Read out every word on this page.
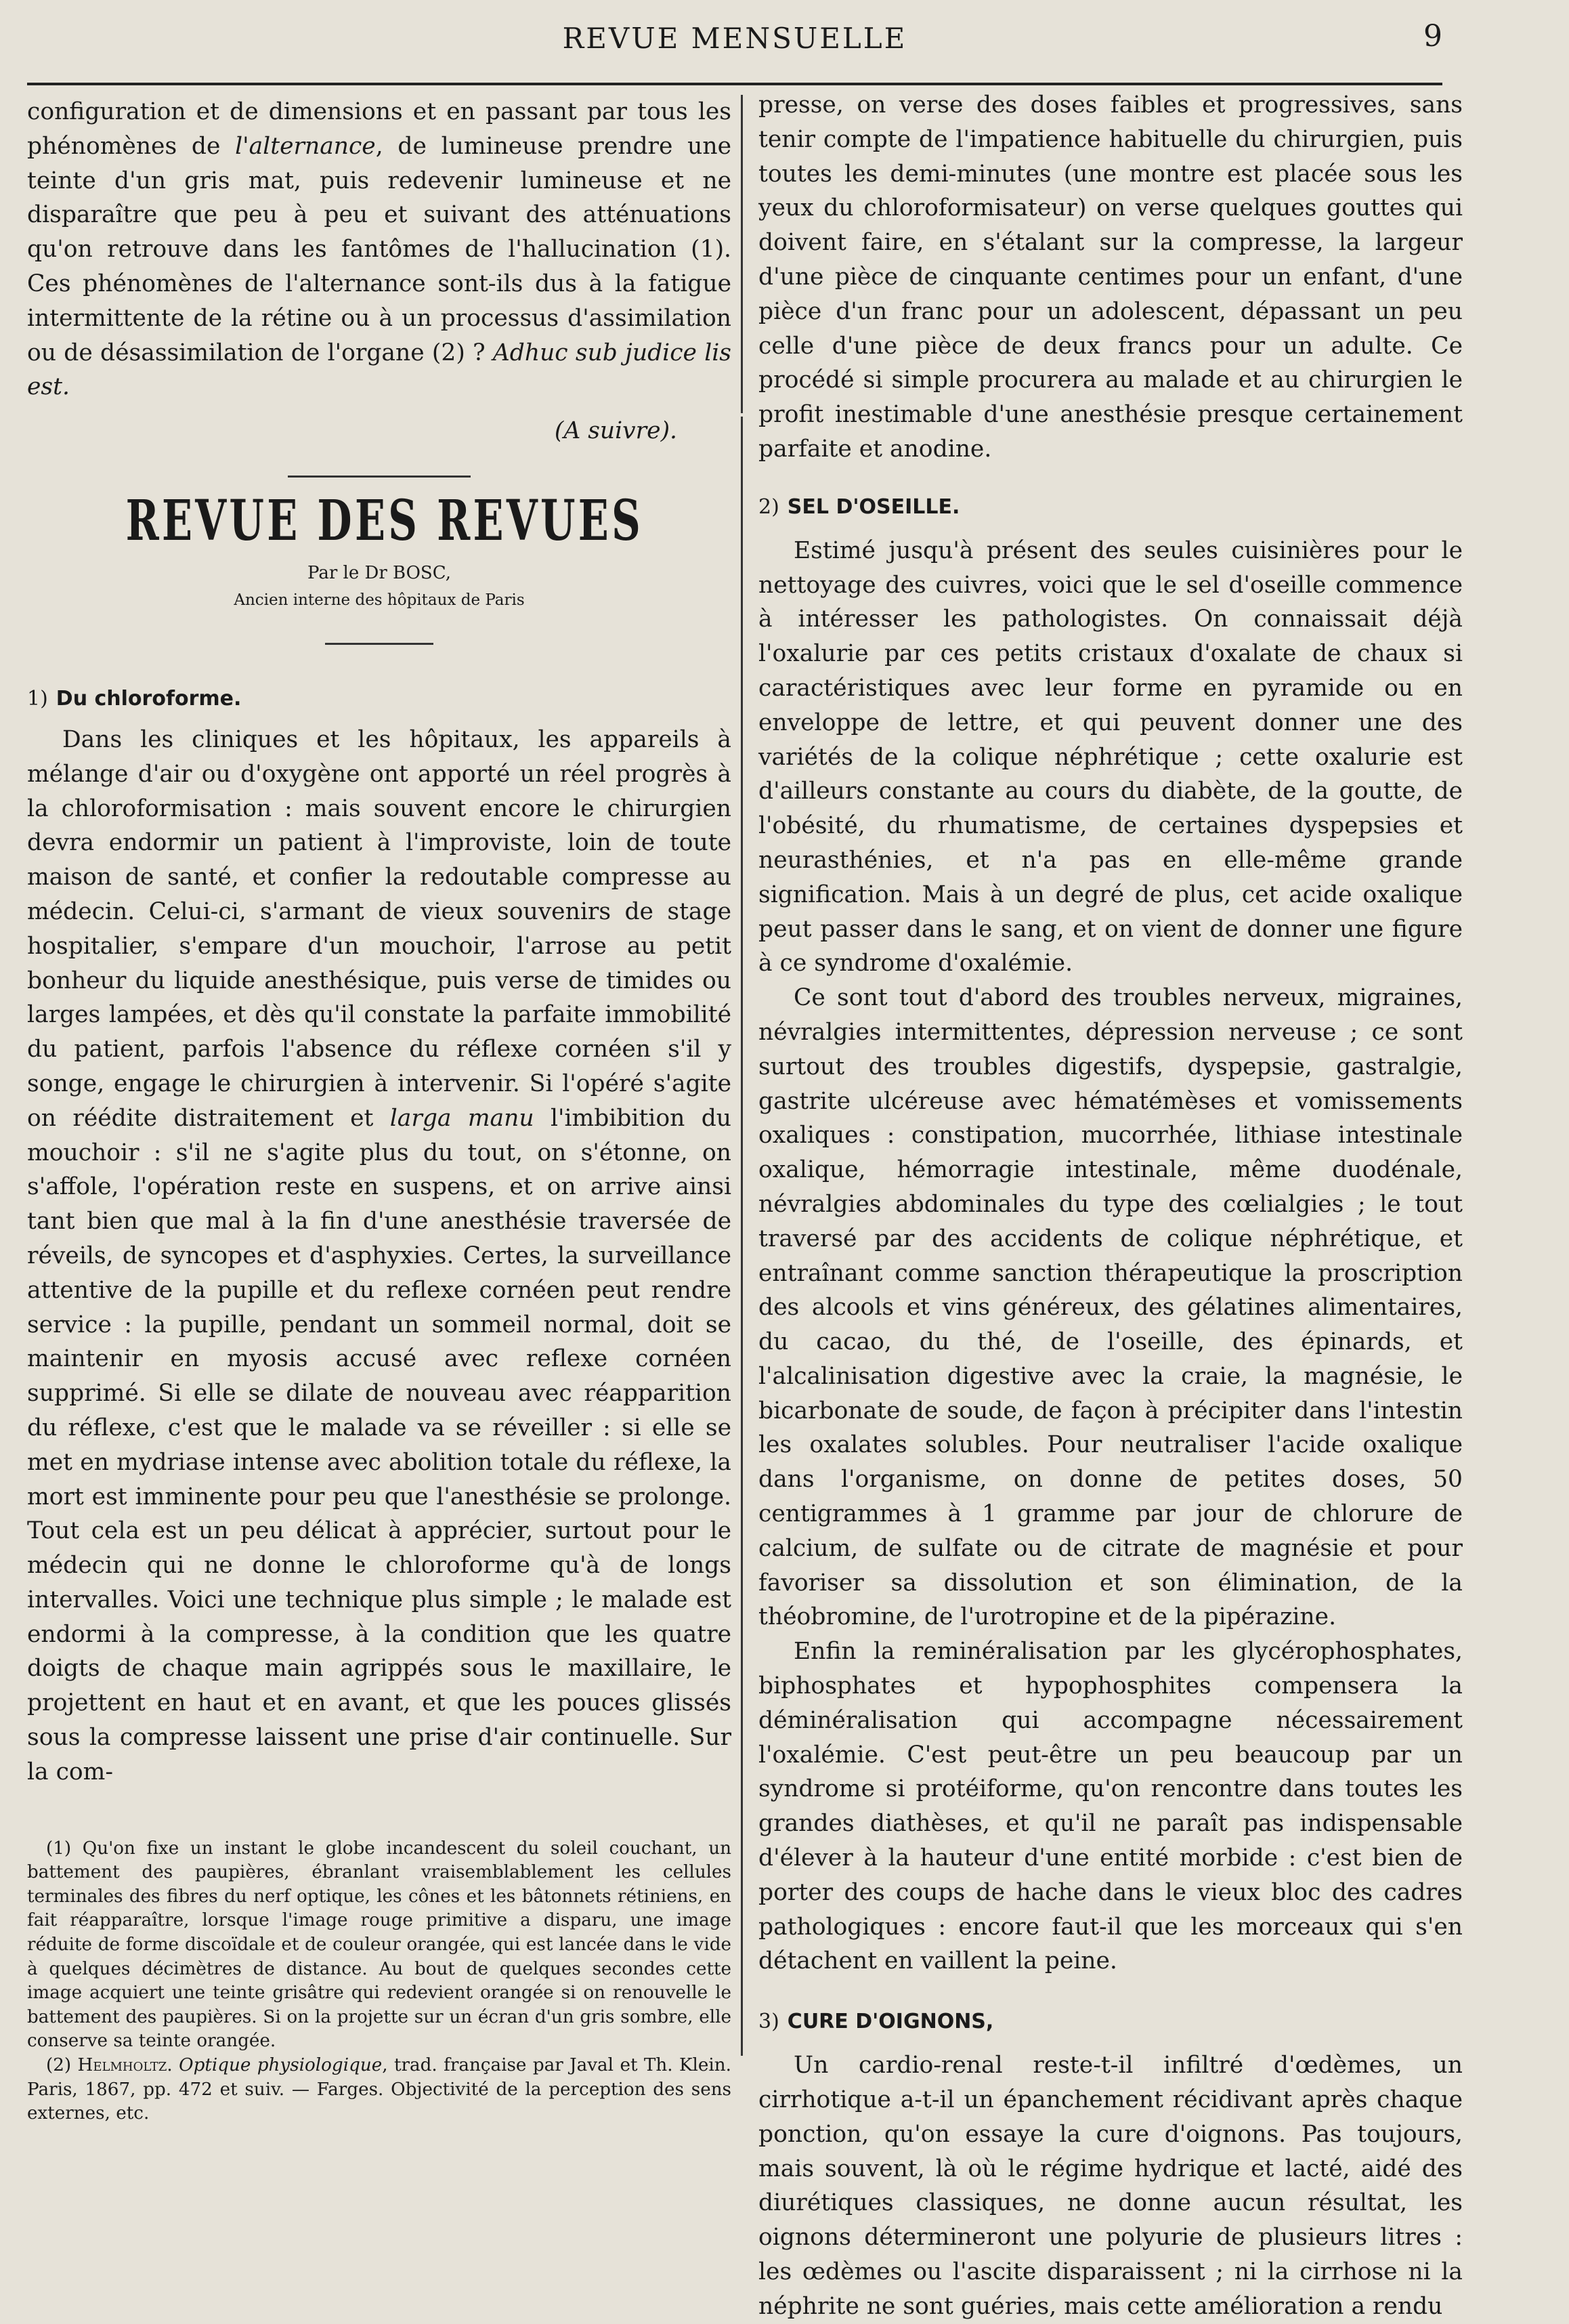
REVUE MENSUELLE	9

configuration et de dimensions et en passant par tous les phénomènes de l'alternance, de lumineuse prendre une teinte d'un gris mat, puis redevenir lumineuse et ne disparaître que peu à peu et suivant des atténuations qu'on retrouve dans les fantômes de l'hallucination (1). Ces phénomènes de l'alternance sont-ils dus à la fatigue intermittente de la rétine ou à un processus d'assimilation ou de désassimilation de l'organe (2) ? Adhuc sub judice lis est.

(A suivre).

REVUE DES REVUES
Par le Dr BOSC,
Ancien interne des hôpitaux de Paris

1) Du chloroforme.

Dans les cliniques et les hôpitaux, les appareils à mélange d'air ou d'oxygène ont apporté un réel progrès à la chloroformisation : mais souvent encore le chirurgien devra endormir un patient à l'improviste, loin de toute maison de santé, et confier la redoutable compresse au médecin. Celui-ci, s'armant de vieux souvenirs de stage hospitalier, s'empare d'un mouchoir, l'arrose au petit bonheur du liquide anesthésique, puis verse de timides ou larges lampées, et dès qu'il constate la parfaite immobilité du patient, parfois l'absence du réflexe cornéen s'il y songe, engage le chirurgien à intervenir. Si l'opéré s'agite on réédite distraitement et larga manu l'imbibition du mouchoir : s'il ne s'agite plus du tout, on s'étonne, on s'affole, l'opération reste en suspens, et on arrive ainsi tant bien que mal à la fin d'une anesthésie traversée de réveils, de syncopes et d'asphyxies. Certes, la surveillance attentive de la pupille et du reflexe cornéen peut rendre service : la pupille, pendant un sommeil normal, doit se maintenir en myosis accusé avec reflexe cornéen supprimé. Si elle se dilate de nouveau avec réapparition du réflexe, c'est que le malade va se réveiller : si elle se met en mydriase intense avec abolition totale du réflexe, la mort est imminente pour peu que l'anesthésie se prolonge. Tout cela est un peu délicat à apprécier, surtout pour le médecin qui ne donne le chloroforme qu'à de longs intervalles. Voici une technique plus simple ; le malade est endormi à la compresse, à la condition que les quatre doigts de chaque main agrippés sous le maxillaire, le projettent en haut et en avant, et que les pouces glissés sous la compresse laissent une prise d'air continuelle. Sur la com-

(1) Qu'on fixe un instant le globe incandescent du soleil couchant, un battement des paupières, ébranlant vraisemblablement les cellules terminales des fibres du nerf optique, les cônes et les bâtonnets rétiniens, en fait réapparaître, lorsque l'image rouge primitive a disparu, une image réduite de forme discoïdale et de couleur orangée, qui est lancée dans le vide à quelques décimètres de distance. Au bout de quelques secondes cette image acquiert une teinte grisâtre qui redevient orangée si on renouvelle le battement des paupières. Si on la projette sur un écran d'un gris sombre, elle conserve sa teinte orangée.

(2) Helmholtz. Optique physiologique, trad. française par Javal et Th. Klein. Paris, 1867, pp. 472 et suiv. — Farges. Objectivité de la perception des sens externes, etc.

presse, on verse des doses faibles et progressives, sans tenir compte de l'impatience habituelle du chirurgien, puis toutes les demi-minutes (une montre est placée sous les yeux du chloroformisateur) on verse quelques gouttes qui doivent faire, en s'étalant sur la compresse, la largeur d'une pièce de cinquante centimes pour un enfant, d'une pièce d'un franc pour un adolescent, dépassant un peu celle d'une pièce de deux francs pour un adulte. Ce procédé si simple procurera au malade et au chirurgien le profit inestimable d'une anesthésie presque certainement parfaite et anodine.

2) SEL D'OSEILLE.

Estimé jusqu'à présent des seules cuisinières pour le nettoyage des cuivres, voici que le sel d'oseille commence à intéresser les pathologistes. On connaissait déjà l'oxalurie par ces petits cristaux d'oxalate de chaux si caractéristiques avec leur forme en pyramide ou en enveloppe de lettre, et qui peuvent donner une des variétés de la colique néphrétique ; cette oxalurie est d'ailleurs constante au cours du diabète, de la goutte, de l'obésité, du rhumatisme, de certaines dyspepsies et neurasthénies, et n'a pas en elle-même grande signification. Mais à un degré de plus, cet acide oxalique peut passer dans le sang, et on vient de donner une figure à ce syndrome d'oxalémie.

Ce sont tout d'abord des troubles nerveux, migraines, névralgies intermittentes, dépression nerveuse ; ce sont surtout des troubles digestifs, dyspepsie, gastralgie, gastrite ulcéreuse avec hématémèses et vomissements oxaliques : constipation, mucorrhée, lithiase intestinale oxalique, hémorragie intestinale, même duodénale, névralgies abdominales du type des cœlialgies ; le tout traversé par des accidents de colique néphrétique, et entraînant comme sanction thérapeutique la proscription des alcools et vins généreux, des gélatines alimentaires, du cacao, du thé, de l'oseille, des épinards, et l'alcalinisation digestive avec la craie, la magnésie, le bicarbonate de soude, de façon à précipiter dans l'intestin les oxalates solubles. Pour neutraliser l'acide oxalique dans l'organisme, on donne de petites doses, 50 centigrammes à 1 gramme par jour de chlorure de calcium, de sulfate ou de citrate de magnésie et pour favoriser sa dissolution et son élimination, de la théobromine, de l'urotropine et de la pipérazine.

Enfin la reminéralisation par les glycérophosphates, biphosphates et hypophosphites compensera la déminéralisation qui accompagne nécessairement l'oxalémie. C'est peut-être un peu beaucoup par un syndrome si protéiforme, qu'on rencontre dans toutes les grandes diathèses, et qu'il ne paraît pas indispensable d'élever à la hauteur d'une entité morbide : c'est bien de porter des coups de hache dans le vieux bloc des cadres pathologiques : encore faut-il que les morceaux qui s'en détachent en vaillent la peine.

3) CURE D'OIGNONS,

Un cardio-renal reste-t-il infiltré d'œdèmes, un cirrhotique a-t-il un épanchement récidivant après chaque ponction, qu'on essaye la cure d'oignons. Pas toujours, mais souvent, là où le régime hydrique et lacté, aidé des diurétiques classiques, ne donne aucun résultat, les oignons détermineront une polyurie de plusieurs litres : les œdèmes ou l'ascite disparaissent ; ni la cirrhose ni la néphrite ne sont guéries, mais cette amélioration a rendu
